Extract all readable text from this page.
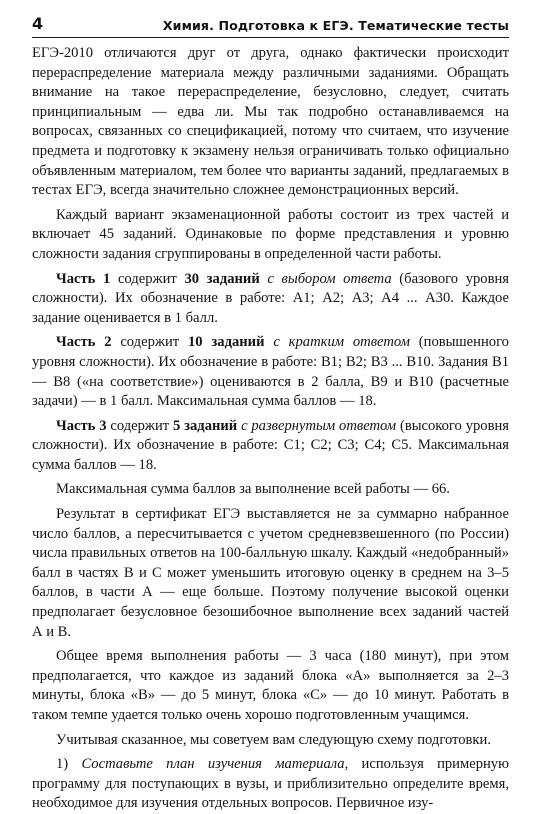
4	Химия. Подготовка к ЕГЭ. Тематические тесты

ЕГЭ-2010 отличаются друг от друга, однако фактически происходит перераспределение материала между различными заданиями. Обращать внимание на такое перераспределение, безусловно, следует, считать принципиальным — едва ли. Мы так подробно останавливаемся на вопросах, связанных со спецификацией, потому что считаем, что изучение предмета и подготовку к экзамену нельзя ограничивать только официально объявленным материалом, тем более что варианты заданий, предлагаемых в тестах ЕГЭ, всегда значительно сложнее демонстрационных версий.

Каждый вариант экзаменационной работы состоит из трех частей и включает 45 заданий. Одинаковые по форме представления и уровню сложности задания сгруппированы в определенной части работы.

Часть 1 содержит 30 заданий с выбором ответа (базового уровня сложности). Их обозначение в работе: А1; А2; А3; А4 ... А30. Каждое задание оценивается в 1 балл.

Часть 2 содержит 10 заданий с кратким ответом (повышенного уровня сложности). Их обозначение в работе: В1; В2; В3 ... В10. Задания В1 — В8 («на соответствие») оцениваются в 2 балла, В9 и В10 (расчетные задачи) — в 1 балл. Максимальная сумма баллов — 18.

Часть 3 содержит 5 заданий с развернутым ответом (высокого уровня сложности). Их обозначение в работе: С1; С2; С3; С4; С5. Максимальная сумма баллов — 18.

Максимальная сумма баллов за выполнение всей работы — 66.

Результат в сертификат ЕГЭ выставляется не за суммарно набранное число баллов, а пересчитывается с учетом средневзвешенного (по России) числа правильных ответов на 100-балльную шкалу. Каждый «недобранный» балл в частях В и С может уменьшить итоговую оценку в среднем на 3–5 баллов, в части А — еще больше. Поэтому получение высокой оценки предполагает безусловное безошибочное выполнение всех заданий частей А и В.

Общее время выполнения работы — 3 часа (180 минут), при этом предполагается, что каждое из заданий блока «А» выполняется за 2–3 минуты, блока «В» — до 5 минут, блока «С» — до 10 минут. Работать в таком темпе удается только очень хорошо подготовленным учащимся.

Учитывая сказанное, мы советуем вам следующую схему подготовки.

1) Составьте план изучения материала, используя примерную программу для поступающих в вузы, и приблизительно определите время, необходимое для изучения отдельных вопросов. Первичное изу-
